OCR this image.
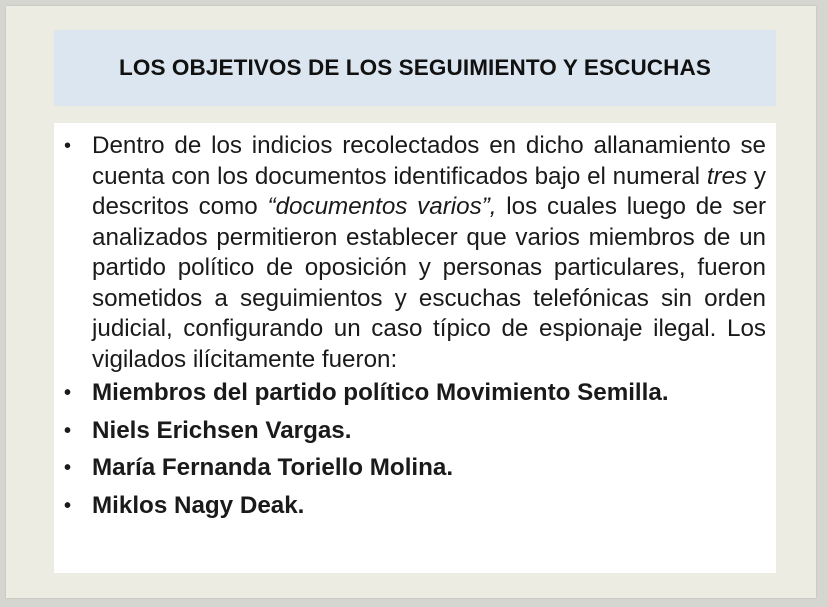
LOS OBJETIVOS DE LOS SEGUIMIENTO Y ESCUCHAS
• Dentro de los indicios recolectados en dicho allanamiento se cuenta con los documentos identificados bajo el numeral tres y descritos como “documentos varios”, los cuales luego de ser analizados permitieron establecer que varios miembros de un partido político de oposición y personas particulares, fueron sometidos a seguimientos y escuchas telefónicas sin orden judicial, configurando un caso típico de espionaje ilegal. Los vigilados ilícitamente fueron:
• Miembros del partido político Movimiento Semilla.
• Niels Erichsen Vargas.
• María Fernanda Toriello Molina.
• Miklos Nagy Deak.
